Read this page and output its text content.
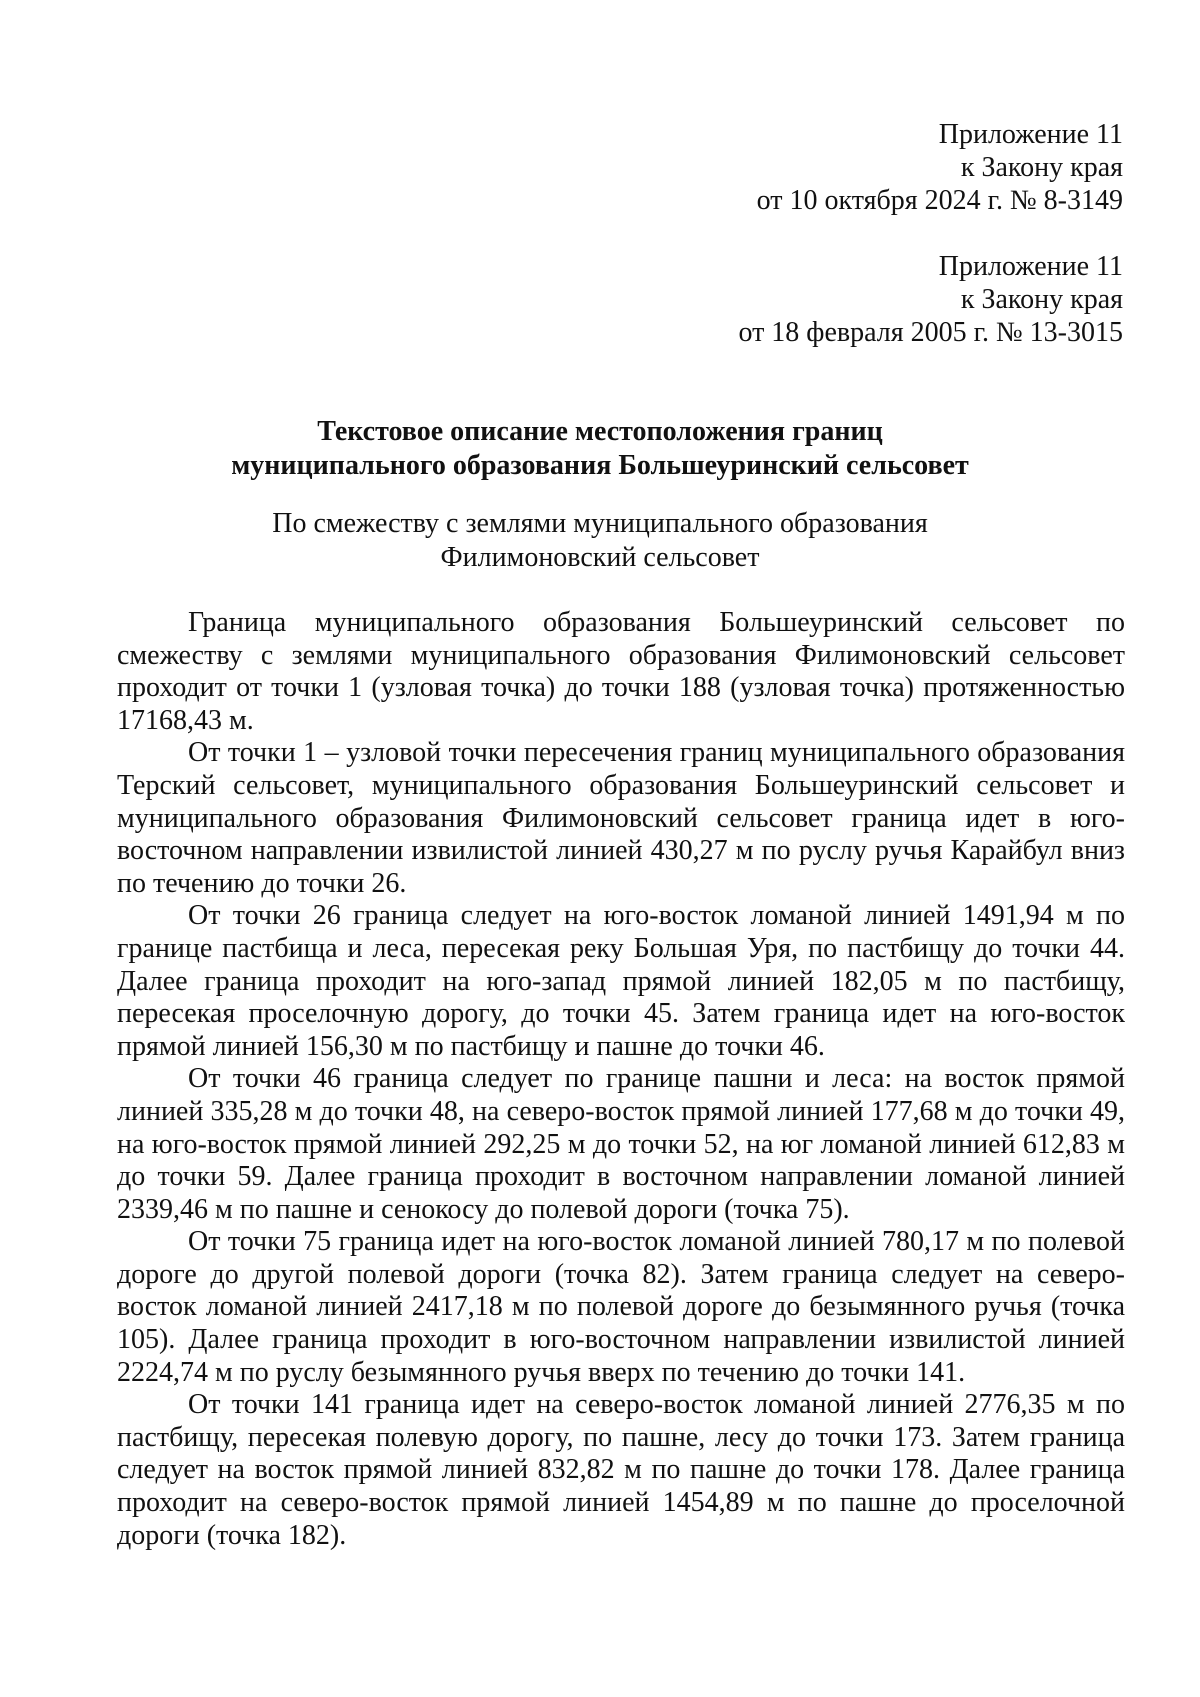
Приложение 11
к Закону края
от 10 октября 2024 г. № 8-3149
Приложение 11
к Закону края
от 18 февраля 2005 г. № 13-3015
Текстовое описание местоположения границ
муниципального образования Большеуринский сельсовет
По смежеству с землями муниципального образования
Филимоновский сельсовет

Граница муниципального образования Большеуринский сельсовет по смежеству с землями муниципального образования Филимоновский сельсовет проходит от точки 1 (узловая точка) до точки 188 (узловая точка) протяженностью 17168,43 м.

От точки 1 – узловой точки пересечения границ муниципального образования Терский сельсовет, муниципального образования Большеуринский сельсовет и муниципального образования Филимоновский сельсовет граница идет в юго-восточном направлении извилистой линией 430,27 м по руслу ручья Карайбул вниз по течению до точки 26.

От точки 26 граница следует на юго-восток ломаной линией 1491,94 м по границе пастбища и леса, пересекая реку Большая Уря, по пастбищу до точки 44. Далее граница проходит на юго-запад прямой линией 182,05 м по пастбищу, пересекая проселочную дорогу, до точки 45. Затем граница идет на юго-восток прямой линией 156,30 м по пастбищу и пашне до точки 46.

От точки 46 граница следует по границе пашни и леса: на восток прямой линией 335,28 м до точки 48, на северо-восток прямой линией 177,68 м до точки 49, на юго-восток прямой линией 292,25 м до точки 52, на юг ломаной линией 612,83 м до точки 59. Далее граница проходит в восточном направлении ломаной линией 2339,46 м по пашне и сенокосу до полевой дороги (точка 75).

От точки 75 граница идет на юго-восток ломаной линией 780,17 м по полевой дороге до другой полевой дороги (точка 82). Затем граница следует на северо-восток ломаной линией 2417,18 м по полевой дороге до безымянного ручья (точка 105). Далее граница проходит в юго-восточном направлении извилистой линией 2224,74 м по руслу безымянного ручья вверх по течению до точки 141.

От точки 141 граница идет на северо-восток ломаной линией 2776,35 м по пастбищу, пересекая полевую дорогу, по пашне, лесу до точки 173. Затем граница следует на восток прямой линией 832,82 м по пашне до точки 178. Далее граница проходит на северо-восток прямой линией 1454,89 м по пашне до проселочной дороги (точка 182).
